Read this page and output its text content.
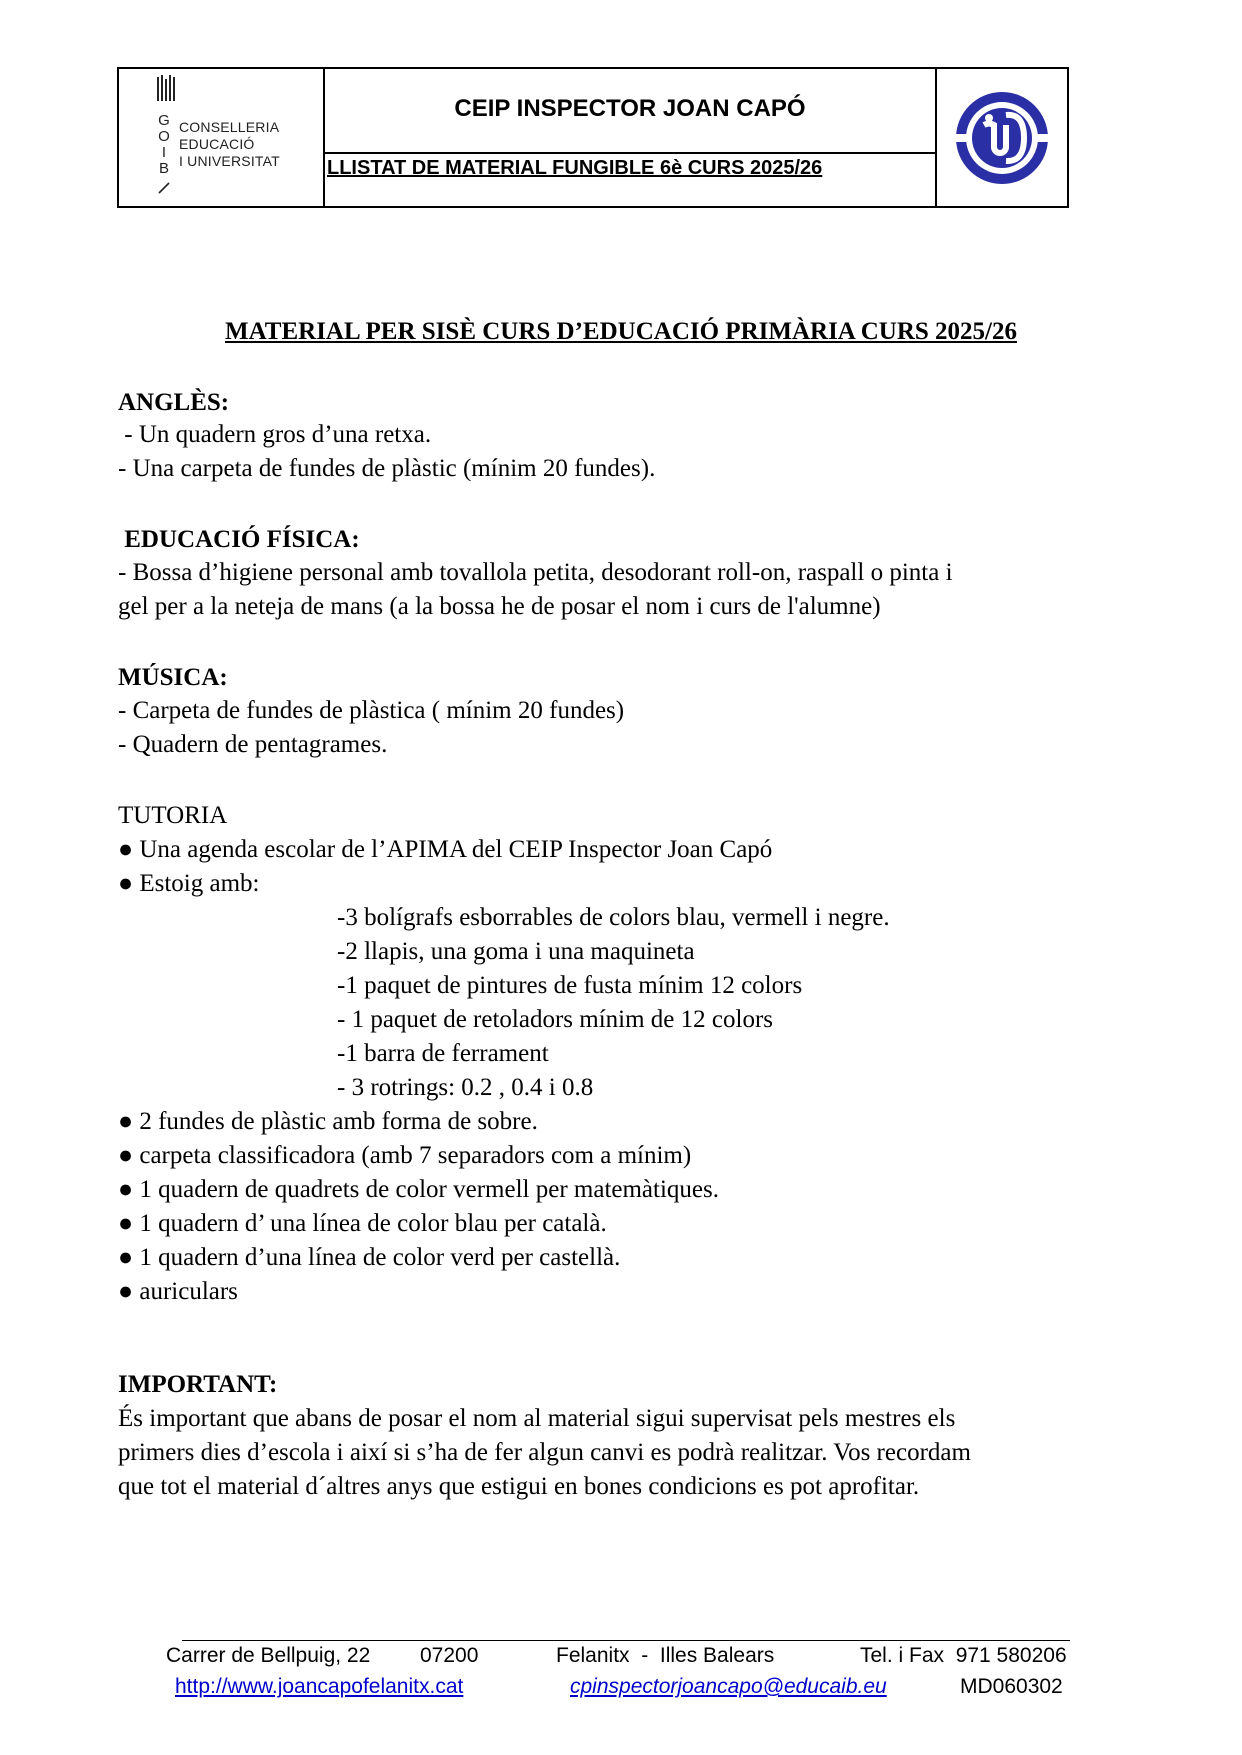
G
O
I
B
CONSELLERIA
EDUCACIÓ
I UNIVERSITAT
CEIP INSPECTOR JOAN CAPÓ
LLISTAT DE MATERIAL FUNGIBLE 6è CURS 2025/26
MATERIAL PER SISÈ CURS D’EDUCACIÓ PRIMÀRIA CURS 2025/26
ANGLÈS:
- Un quadern gros d’una retxa.
- Una carpeta de fundes de plàstic (mínim 20 fundes).
EDUCACIÓ FÍSICA:
- Bossa d’higiene personal amb tovallola petita, desodorant roll-on, raspall o pinta i
gel per a la neteja de mans (a la bossa he de posar el nom i curs de l'alumne)
MÚSICA:
- Carpeta de fundes de plàstica ( mínim 20 fundes)
- Quadern de pentagrames.
TUTORIA
● Una agenda escolar de l’APIMA del CEIP Inspector Joan Capó
● Estoig amb:
-3 bolígrafs esborrables de colors blau, vermell i negre.
-2 llapis, una goma i una maquineta
-1 paquet de pintures de fusta mínim 12 colors
- 1 paquet de retoladors mínim de 12 colors
-1 barra de ferrament
- 3 rotrings: 0.2 , 0.4 i 0.8
● 2 fundes de plàstic amb forma de sobre.
● carpeta classificadora (amb 7 separadors com a mínim)
● 1 quadern de quadrets de color vermell per matemàtiques.
● 1 quadern d’ una línea de color blau per català.
● 1 quadern d’una línea de color verd per castellà.
● auriculars
IMPORTANT:
És important que abans de posar el nom al material sigui supervisat pels mestres els
primers dies d’escola i així si s’ha de fer algun canvi es podrà realitzar. Vos recordam
que tot el material d´altres anys que estigui en bones condicions es pot aprofitar.
Carrer de Bellpuig, 22 07200	Felanitx  -  Illes Balears	Tel. i Fax  971 580206
http://www.joancapofelanitx.cat	cpinspectorjoancapo@educaib.eu	MD060302
